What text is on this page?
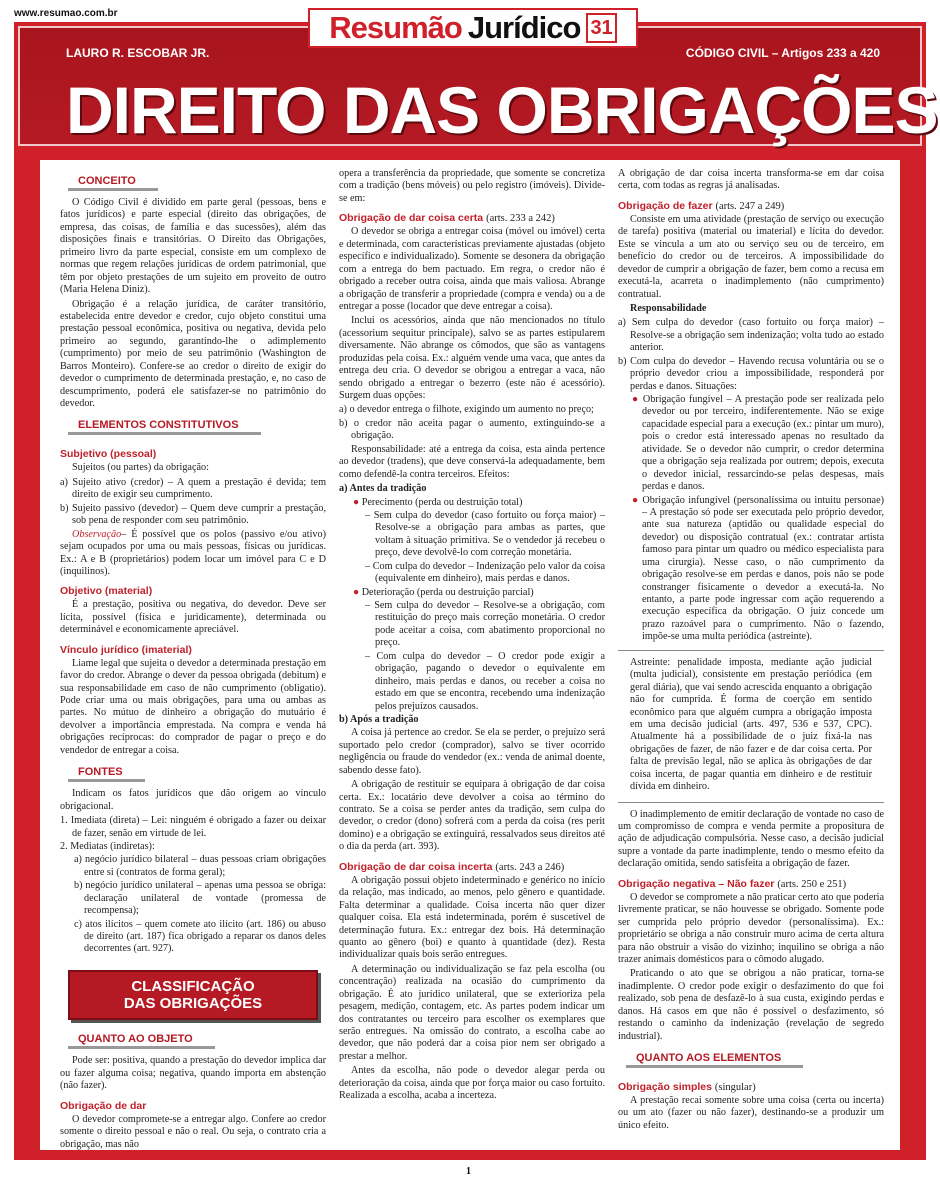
www.resumao.com.br	Resumão Jurídico 31
LAURO R. ESCOBAR JR.	CÓDIGO CIVIL – Artigos 233 a 420
DIREITO DAS OBRIGAÇÕES
CONCEITO

O Código Civil é dividido em parte geral (pessoas, bens e fatos jurídicos) e parte especial (direito das obrigações, de empresa, das coisas, de família e das sucessões), além das disposições finais e transitórias. O Direito das Obrigações, primeiro livro da parte especial, consiste em um complexo de normas que regem relações jurídicas de ordem patrimonial, que têm por objeto prestações de um sujeito em proveito de outro (Maria Helena Diniz).

Obrigação é a relação jurídica, de caráter transitório, estabelecida entre devedor e credor, cujo objeto constitui uma prestação pessoal econômica, positiva ou negativa, devida pelo primeiro ao segundo, garantindo-lhe o adimplemento (cumprimento) por meio de seu patrimônio (Washington de Barros Monteiro). Confere-se ao credor o direito de exigir do devedor o cumprimento de determinada prestação, e, no caso de descumprimento, poderá ele satisfazer-se no patrimônio do devedor.

ELEMENTOS CONSTITUTIVOS
Subjetivo (pessoal)

Sujeitos (ou partes) da obrigação:

a) Sujeito ativo (credor) – A quem a prestação é devida; tem direito de exigir seu cumprimento.
b) Sujeito passivo (devedor) – Quem deve cumprir a prestação, sob pena de responder com seu patrimônio.

Observação– É possível que os polos (passivo e/ou ativo) sejam ocupados por uma ou mais pessoas, físicas ou jurídicas. Ex.: A e B (proprietários) podem locar um imóvel para C e D (inquilinos).

Objetivo (material)

É a prestação, positiva ou negativa, do devedor. Deve ser lícita, possível (física e juridicamente), determinada ou determinável e economicamente apreciável.

Vínculo jurídico (imaterial)

Liame legal que sujeita o devedor a determinada prestação em favor do credor. Abrange o dever da pessoa obrigada (debitum) e sua responsabilidade em caso de não cumprimento (obligatio). Pode criar uma ou mais obrigações, para uma ou ambas as partes. No mútuo de dinheiro a obrigação do mutuário é devolver a importância emprestada. Na compra e venda há obrigações recíprocas: do comprador de pagar o preço e do vendedor de entregar a coisa.

FONTES

Indicam os fatos jurídicos que dão origem ao vínculo obrigacional.

1. Imediata (direta) – Lei: ninguém é obrigado a fazer ou deixar de fazer, senão em virtude de lei.
2. Mediatas (indiretas):
a) negócio jurídico bilateral – duas pessoas criam obrigações entre si (contratos de forma geral);
b) negócio jurídico unilateral – apenas uma pessoa se obriga: declaração unilateral de vontade (promessa de recompensa);
c) atos ilícitos – quem comete ato ilícito (art. 186) ou abuso de direito (art. 187) fica obrigado a reparar os danos deles decorrentes (art. 927).
CLASSIFICAÇÃO
DAS OBRIGAÇÕES
QUANTO AO OBJETO

Pode ser: positiva, quando a prestação do devedor implica dar ou fazer alguma coisa; negativa, quando importa em abstenção (não fazer).

Obrigação de dar

O devedor compromete-se a entregar algo. Confere ao credor somente o direito pessoal e não o real. Ou seja, o contrato cria a obrigação, mas não

opera a transferência da propriedade, que somente se concretiza com a tradição (bens móveis) ou pelo registro (imóveis). Divide-se em:

Obrigação de dar coisa certa (arts. 233 a 242)

O devedor se obriga a entregar coisa (móvel ou imóvel) certa e determinada, com características previamente ajustadas (objeto específico e individualizado). Somente se desonera da obrigação com a entrega do bem pactuado. Em regra, o credor não é obrigado a receber outra coisa, ainda que mais valiosa. Abrange a obrigação de transferir a propriedade (compra e venda) ou a de entregar a posse (locador que deve entregar a coisa).

Inclui os acessórios, ainda que não mencionados no título (acessorium sequitur principale), salvo se as partes estipularem diversamente. Não abrange os cômodos, que são as vantagens produzidas pela coisa. Ex.: alguém vende uma vaca, que antes da entrega deu cria. O devedor se obrigou a entregar a vaca, não sendo obrigado a entregar o bezerro (este não é acessório). Surgem duas opções:

a) o devedor entrega o filhote, exigindo um aumento no preço;
b) o credor não aceita pagar o aumento, extinguindo-se a obrigação.

Responsabilidade: até a entrega da coisa, esta ainda pertence ao devedor (tradens), que deve conservá-la adequadamente, bem como defendê-la contra terceiros. Efeitos:

a) Antes da tradição
● Perecimento (perda ou destruição total)
– Sem culpa do devedor (caso fortuito ou força maior) – Resolve-se a obrigação para ambas as partes, que voltam à situação primitiva. Se o vendedor já recebeu o preço, deve devolvê-lo com correção monetária.
– Com culpa do devedor – Indenização pelo valor da coisa (equivalente em dinheiro), mais perdas e danos.
● Deterioração (perda ou destruição parcial)
– Sem culpa do devedor – Resolve-se a obrigação, com restituição do preço mais correção monetária. O credor pode aceitar a coisa, com abatimento proporcional no preço.
– Com culpa do devedor – O credor pode exigir a obrigação, pagando o devedor o equivalente em dinheiro, mais perdas e danos, ou receber a coisa no estado em que se encontra, recebendo uma indenização pelos prejuízos causados.
b) Após a tradição

A coisa já pertence ao credor. Se ela se perder, o prejuízo será suportado pelo credor (comprador), salvo se tiver ocorrido negligência ou fraude do vendedor (ex.: venda de animal doente, sabendo desse fato).

A obrigação de restituir se equipara à obrigação de dar coisa certa. Ex.: locatário deve devolver a coisa ao término do contrato. Se a coisa se perder antes da tradição, sem culpa do devedor, o credor (dono) sofrerá com a perda da coisa (res perit domino) e a obrigação se extinguirá, ressalvados seus direitos até o dia da perda (art. 393).

Obrigação de dar coisa incerta (arts. 243 a 246)

A obrigação possui objeto indeterminado e genérico no início da relação, mas indicado, ao menos, pelo gênero e quantidade. Falta determinar a qualidade. Coisa incerta não quer dizer qualquer coisa. Ela está indeterminada, porém é suscetível de determinação futura. Ex.: entregar dez bois. Há determinação quanto ao gênero (boi) e quanto à quantidade (dez). Resta individualizar quais bois serão entregues.

A determinação ou individualização se faz pela escolha (ou concentração) realizada na ocasião do cumprimento da obrigação. É ato jurídico unilateral, que se exterioriza pela pesagem, medição, contagem, etc. As partes podem indicar um dos contratantes ou terceiro para escolher os exemplares que serão entregues. Na omissão do contrato, a escolha cabe ao devedor, que não poderá dar a coisa pior nem ser obrigado a prestar a melhor.

Antes da escolha, não pode o devedor alegar perda ou deterioração da coisa, ainda que por força maior ou caso fortuito. Realizada a escolha, acaba a incerteza.

A obrigação de dar coisa incerta transforma-se em dar coisa certa, com todas as regras já analisadas.

Obrigação de fazer (arts. 247 a 249)

Consiste em uma atividade (prestação de serviço ou execução de tarefa) positiva (material ou imaterial) e lícita do devedor. Este se vincula a um ato ou serviço seu ou de terceiro, em benefício do credor ou de terceiros. A impossibilidade do devedor de cumprir a obrigação de fazer, bem como a recusa em executá-la, acarreta o inadimplemento (não cumprimento) contratual.

Responsabilidade

a) Sem culpa do devedor (caso fortuito ou força maior) – Resolve-se a obrigação sem indenização; volta tudo ao estado anterior.
b) Com culpa do devedor – Havendo recusa voluntária ou se o próprio devedor criou a impossibilidade, responderá por perdas e danos. Situações:
● Obrigação fungível – A prestação pode ser realizada pelo devedor ou por terceiro, indiferentemente. Não se exige capacidade especial para a execução (ex.: pintar um muro), pois o credor está interessado apenas no resultado da atividade. Se o devedor não cumprir, o credor determina que a obrigação seja realizada por outrem; depois, executa o devedor inicial, ressarcindo-se pelas despesas, mais perdas e danos.
● Obrigação infungível (personalíssima ou intuitu personae) – A prestação só pode ser executada pelo próprio devedor, ante sua natureza (aptidão ou qualidade especial do devedor) ou disposição contratual (ex.: contratar artista famoso para pintar um quadro ou médico especialista para uma cirurgia). Nesse caso, o não cumprimento da obrigação resolve-se em perdas e danos, pois não se pode constranger fisicamente o devedor a executá-la. No entanto, a parte pode ingressar com ação requerendo a execução específica da obrigação. O juiz concede um prazo razoável para o cumprimento. Não o fazendo, impõe-se uma multa periódica (astreinte).

Astreinte: penalidade imposta, mediante ação judicial (multa judicial), consistente em prestação periódica (em geral diária), que vai sendo acrescida enquanto a obrigação não for cumprida. É forma de coerção em sentido econômico para que alguém cumpra a obrigação imposta em uma decisão judicial (arts. 497, 536 e 537, CPC). Atualmente há a possibilidade de o juiz fixá-la nas obrigações de fazer, de não fazer e de dar coisa certa. Por falta de previsão legal, não se aplica às obrigações de dar coisa incerta, de pagar quantia em dinheiro e de restituir dívida em dinheiro.

O inadimplemento de emitir declaração de vontade no caso de um compromisso de compra e venda permite a propositura de ação de adjudicação compulsória. Nesse caso, a decisão judicial supre a vontade da parte inadimplente, tendo o mesmo efeito da declaração omitida, sendo satisfeita a obrigação de fazer.

Obrigação negativa – Não fazer (arts. 250 e 251)

O devedor se compromete a não praticar certo ato que poderia livremente praticar, se não houvesse se obrigado. Somente pode ser cumprida pelo próprio devedor (personalíssima). Ex.: proprietário se obriga a não construir muro acima de certa altura para não obstruir a visão do vizinho; inquilino se obriga a não trazer animais domésticos para o cômodo alugado.

Praticando o ato que se obrigou a não praticar, torna-se inadimplente. O credor pode exigir o desfazimento do que foi realizado, sob pena de desfazê-lo à sua custa, exigindo perdas e danos. Há casos em que não é possível o desfazimento, só restando o caminho da indenização (revelação de segredo industrial).

QUANTO AOS ELEMENTOS
Obrigação simples (singular)

A prestação recai somente sobre uma coisa (certa ou incerta) ou um ato (fazer ou não fazer), destinando-se a produzir um único efeito.

1
